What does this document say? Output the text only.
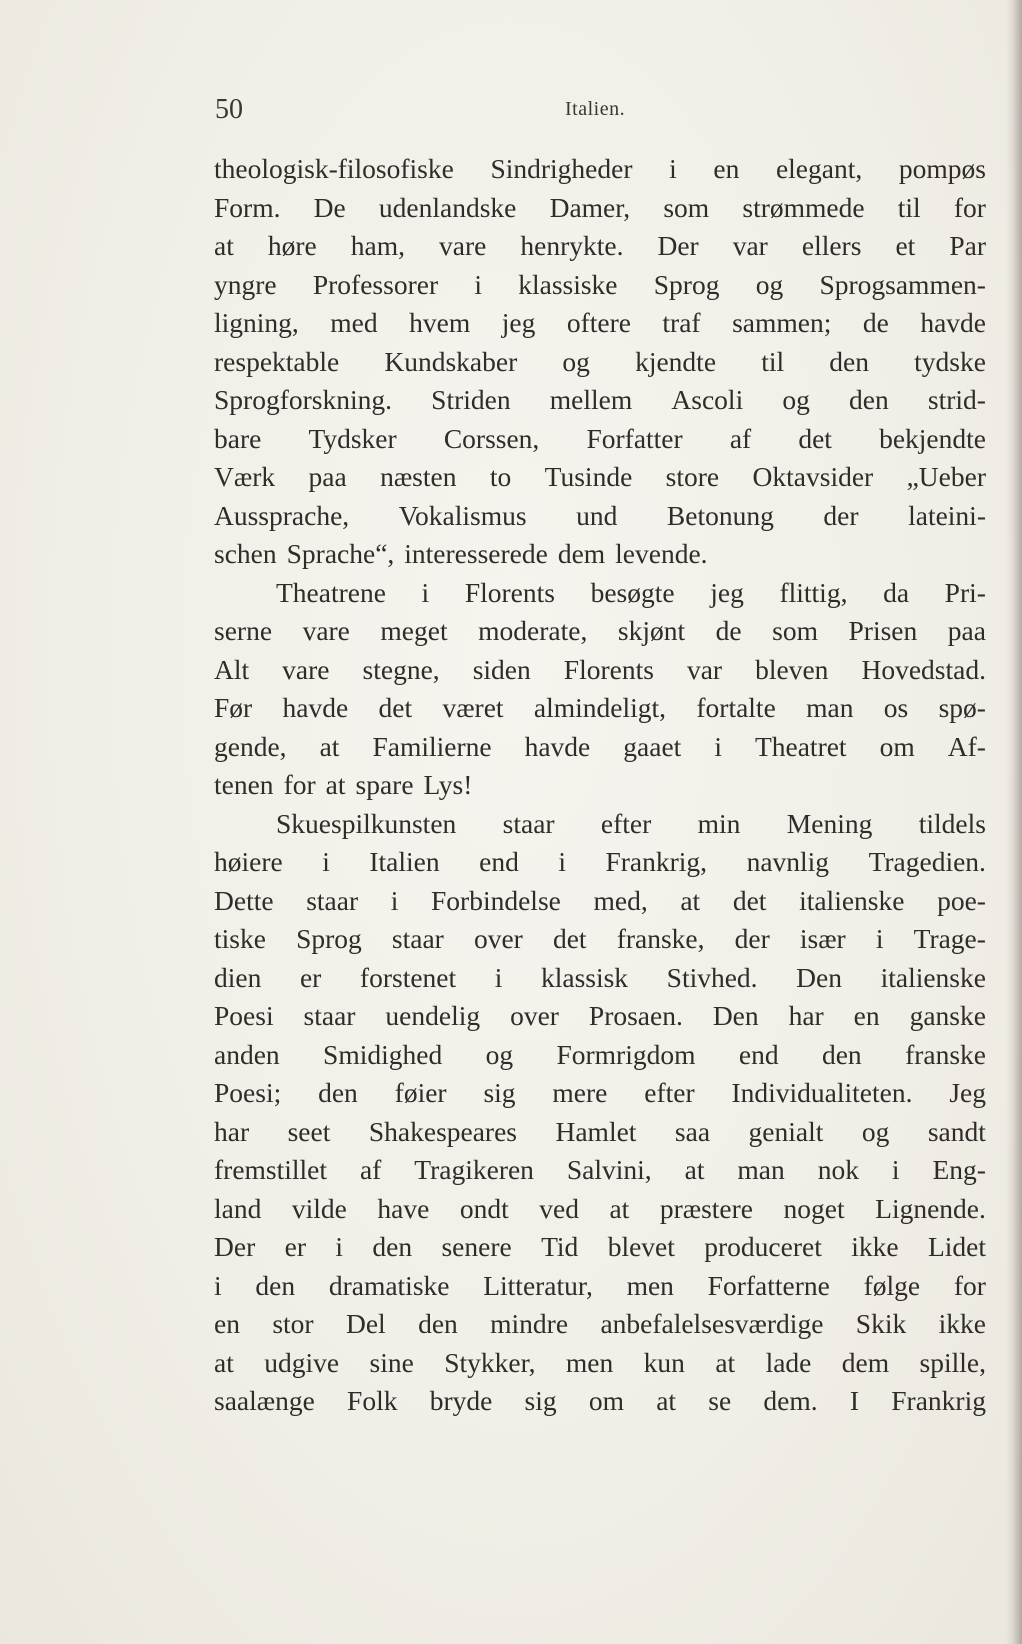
50	Italien.
theologisk-filosofiske Sindrigheder i en elegant, pompøs
Form. De udenlandske Damer, som strømmede til for
at høre ham, vare henrykte. Der var ellers et Par
yngre Professorer i klassiske Sprog og Sprogsammen-
ligning, med hvem jeg oftere traf sammen; de havde
respektable Kundskaber og kjendte til den tydske
Sprogforskning. Striden mellem Ascoli og den strid-
bare Tydsker Corssen, Forfatter af det bekjendte
Værk paa næsten to Tusinde store Oktavsider „Ueber
Aussprache, Vokalismus und Betonung der lateini-
schen Sprache“, interesserede dem levende.
Theatrene i Florents besøgte jeg flittig, da Pri-
serne vare meget moderate, skjønt de som Prisen paa
Alt vare stegne, siden Florents var bleven Hovedstad.
Før havde det været almindeligt, fortalte man os spø-
gende, at Familierne havde gaaet i Theatret om Af-
tenen for at spare Lys!
Skuespilkunsten staar efter min Mening tildels
høiere i Italien end i Frankrig, navnlig Tragedien.
Dette staar i Forbindelse med, at det italienske poe-
tiske Sprog staar over det franske, der især i Trage-
dien er forstenet i klassisk Stivhed. Den italienske
Poesi staar uendelig over Prosaen. Den har en ganske
anden Smidighed og Formrigdom end den franske
Poesi; den føier sig mere efter Individualiteten. Jeg
har seet Shakespeares Hamlet saa genialt og sandt
fremstillet af Tragikeren Salvini, at man nok i Eng-
land vilde have ondt ved at præstere noget Lignende.
Der er i den senere Tid blevet produceret ikke Lidet
i den dramatiske Litteratur, men Forfatterne følge for
en stor Del den mindre anbefalelsesværdige Skik ikke
at udgive sine Stykker, men kun at lade dem spille,
saalænge Folk bryde sig om at se dem. I Frankrig
